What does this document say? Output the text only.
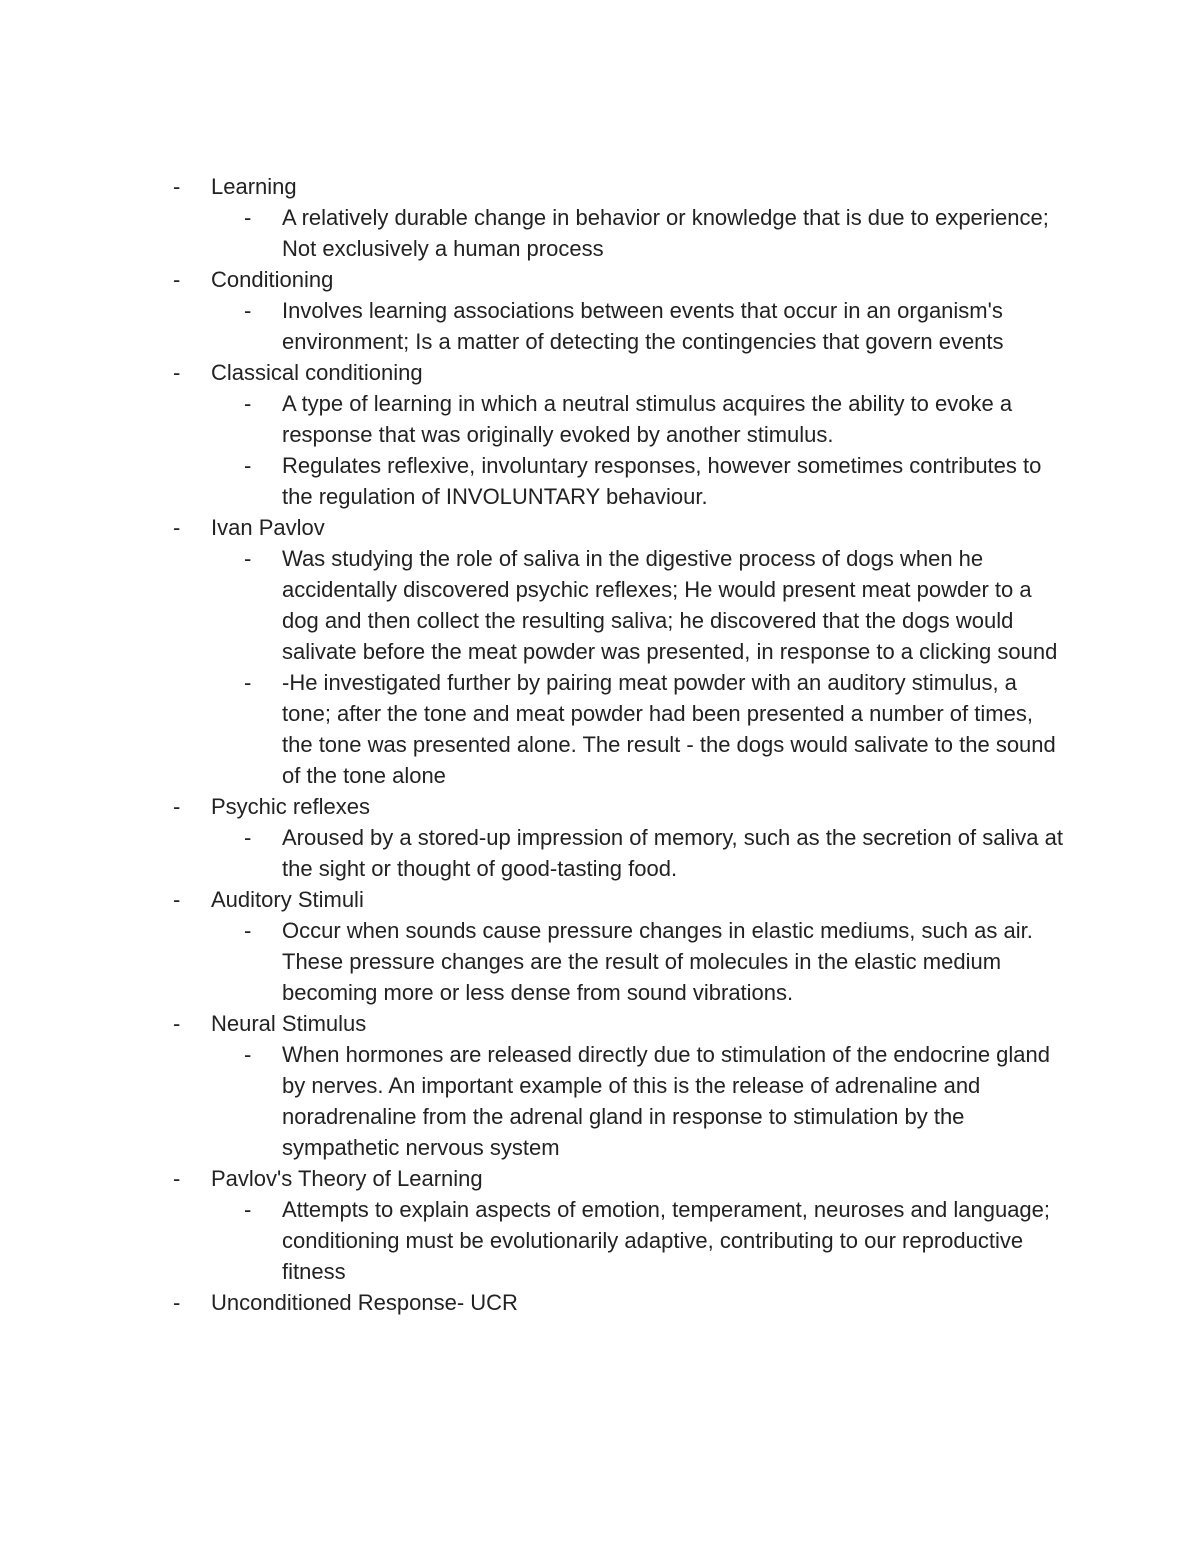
- Learning
- A relatively durable change in behavior or knowledge that is due to experience; Not exclusively a human process
- Conditioning
- Involves learning associations between events that occur in an organism's environment; Is a matter of detecting the contingencies that govern events
- Classical conditioning
- A type of learning in which a neutral stimulus acquires the ability to evoke a response that was originally evoked by another stimulus.
- Regulates reflexive, involuntary responses, however sometimes contributes to the regulation of INVOLUNTARY behaviour.
- Ivan Pavlov
- Was studying the role of saliva in the digestive process of dogs when he accidentally discovered psychic reflexes; He would present meat powder to a dog and then collect the resulting saliva; he discovered that the dogs would salivate before the meat powder was presented, in response to a clicking sound
- -He investigated further by pairing meat powder with an auditory stimulus, a tone; after the tone and meat powder had been presented a number of times, the tone was presented alone. The result - the dogs would salivate to the sound of the tone alone
- Psychic reflexes
- Aroused by a stored-up impression of memory, such as the secretion of saliva at the sight or thought of good-tasting food.
- Auditory Stimuli
- Occur when sounds cause pressure changes in elastic mediums, such as air. These pressure changes are the result of molecules in the elastic medium becoming more or less dense from sound vibrations.
- Neural Stimulus
- When hormones are released directly due to stimulation of the endocrine gland by nerves. An important example of this is the release of adrenaline and noradrenaline from the adrenal gland in response to stimulation by the sympathetic nervous system
- Pavlov's Theory of Learning
- Attempts to explain aspects of emotion, temperament, neuroses and language; conditioning must be evolutionarily adaptive, contributing to our reproductive fitness
- Unconditioned Response- UCR
